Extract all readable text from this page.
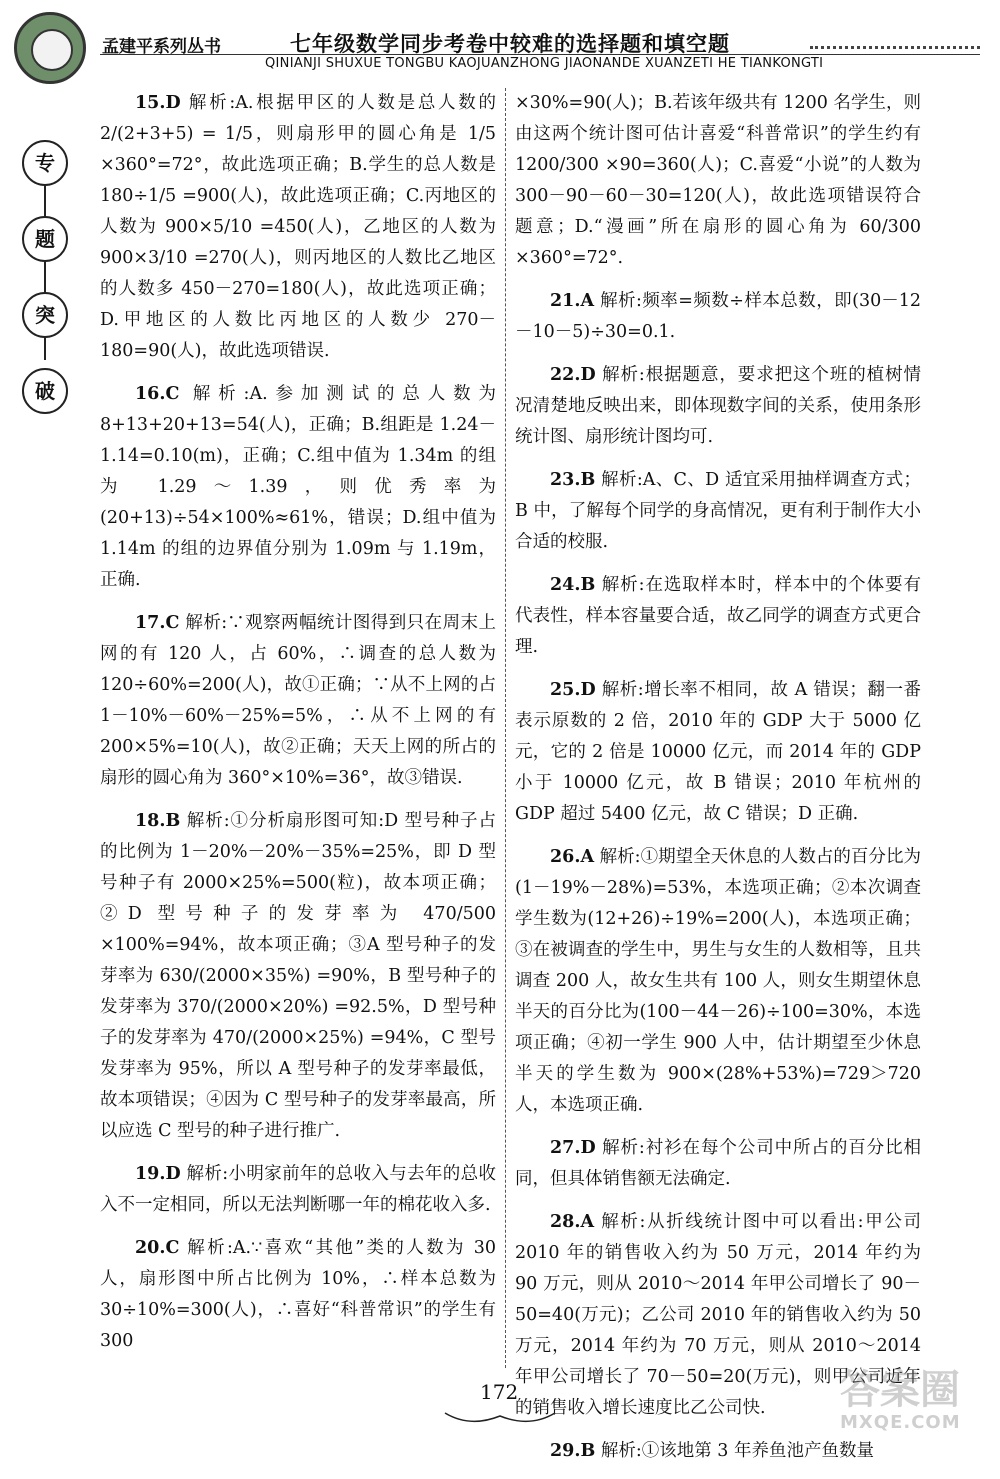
孟建平系列丛书	七年级数学同步考卷中较难的选择题和填空题
QINIANJI SHUXUE TONGBU KAOJUANZHONG JIAONANDE XUANZETI HE TIANKONGTI
专
题
突
破

15.D 解析:A.根据甲区的人数是总人数的 2/(2+3+5) = 1/5，则扇形甲的圆心角是 1/5 ×360°=72°，故此选项正确；B.学生的总人数是 180÷1/5 =900(人)，故此选项正确；C.丙地区的人数为 900×5/10 =450(人)，乙地区的人数为 900×3/10 =270(人)，则丙地区的人数比乙地区的人数多 450－270=180(人)，故此选项正确；D.甲地区的人数比丙地区的人数少 270－180=90(人)，故此选项错误.

16.C 解析:A.参加测试的总人数为 8+13+20+13=54(人)，正确；B.组距是 1.24－1.14=0.10(m)，正确；C.组中值为 1.34m 的组为 1.29～1.39，则优秀率为(20+13)÷54×100%≈61%，错误；D.组中值为 1.14m 的组的边界值分别为 1.09m 与 1.19m，正确.

17.C 解析:∵观察两幅统计图得到只在周末上网的有 120 人，占 60%，∴调查的总人数为 120÷60%=200(人)，故①正确；∵从不上网的占 1－10%－60%－25%=5%，∴从不上网的有 200×5%=10(人)，故②正确；天天上网的所占的扇形的圆心角为 360°×10%=36°，故③错误.

18.B 解析:①分析扇形图可知:D 型号种子占的比例为 1－20%－20%－35%=25%，即 D 型号种子有 2000×25%=500(粒)，故本项正确；②D 型号种子的发芽率为 470/500 ×100%=94%，故本项正确；③A 型号种子的发芽率为 630/(2000×35%) =90%，B 型号种子的发芽率为 370/(2000×20%) =92.5%，D 型号种子的发芽率为 470/(2000×25%) =94%，C 型号发芽率为 95%，所以 A 型号种子的发芽率最低，故本项错误；④因为 C 型号种子的发芽率最高，所以应选 C 型号的种子进行推广.

19.D 解析:小明家前年的总收入与去年的总收入不一定相同，所以无法判断哪一年的棉花收入多.

20.C 解析:A.∵喜欢“其他”类的人数为 30 人，扇形图中所占比例为 10%，∴样本总数为 30÷10%=300(人)，∴喜好“科普常识”的学生有 300

×30%=90(人)；B.若该年级共有 1200 名学生，则由这两个统计图可估计喜爱“科普常识”的学生约有 1200/300 ×90=360(人)；C.喜爱“小说”的人数为 300－90－60－30=120(人)，故此选项错误符合题意；D.“漫画”所在扇形的圆心角为 60/300 ×360°=72°.

21.A 解析:频率=频数÷样本总数，即(30－12－10－5)÷30=0.1.

22.D 解析:根据题意，要求把这个班的植树情况清楚地反映出来，即体现数字间的关系，使用条形统计图、扇形统计图均可.

23.B 解析:A、C、D 适宜采用抽样调查方式；B 中，了解每个同学的身高情况，更有利于制作大小合适的校服.

24.B 解析:在选取样本时，样本中的个体要有代表性，样本容量要合适，故乙同学的调查方式更合理.

25.D 解析:增长率不相同，故 A 错误；翻一番表示原数的 2 倍，2010 年的 GDP 大于 5000 亿元，它的 2 倍是 10000 亿元，而 2014 年的 GDP 小于 10000 亿元，故 B 错误；2010 年杭州的 GDP 超过 5400 亿元，故 C 错误；D 正确.

26.A 解析:①期望全天休息的人数占的百分比为(1－19%－28%)=53%，本选项正确；②本次调查学生数为(12+26)÷19%=200(人)，本选项正确；③在被调查的学生中，男生与女生的人数相等，且共调查 200 人，故女生共有 100 人，则女生期望休息半天的百分比为(100－44－26)÷100=30%，本选项正确；④初一学生 900 人中，估计期望至少休息半天的学生数为 900×(28%+53%)=729＞720 人，本选项正确.

27.D 解析:衬衫在每个公司中所占的百分比相同，但具体销售额无法确定.

28.A 解析:从折线统计图中可以看出:甲公司 2010 年的销售收入约为 50 万元，2014 年约为 90 万元，则从 2010～2014 年甲公司增长了 90－50=40(万元)；乙公司 2010 年的销售收入约为 50 万元，2014 年约为 70 万元，则从 2010～2014 年甲公司增长了 70－50=20(万元)，则甲公司近年的销售收入增长速度比乙公司快.

29.B 解析:①该地第 3 年养鱼池产鱼数量

172	答案圈
MXQE.COM
